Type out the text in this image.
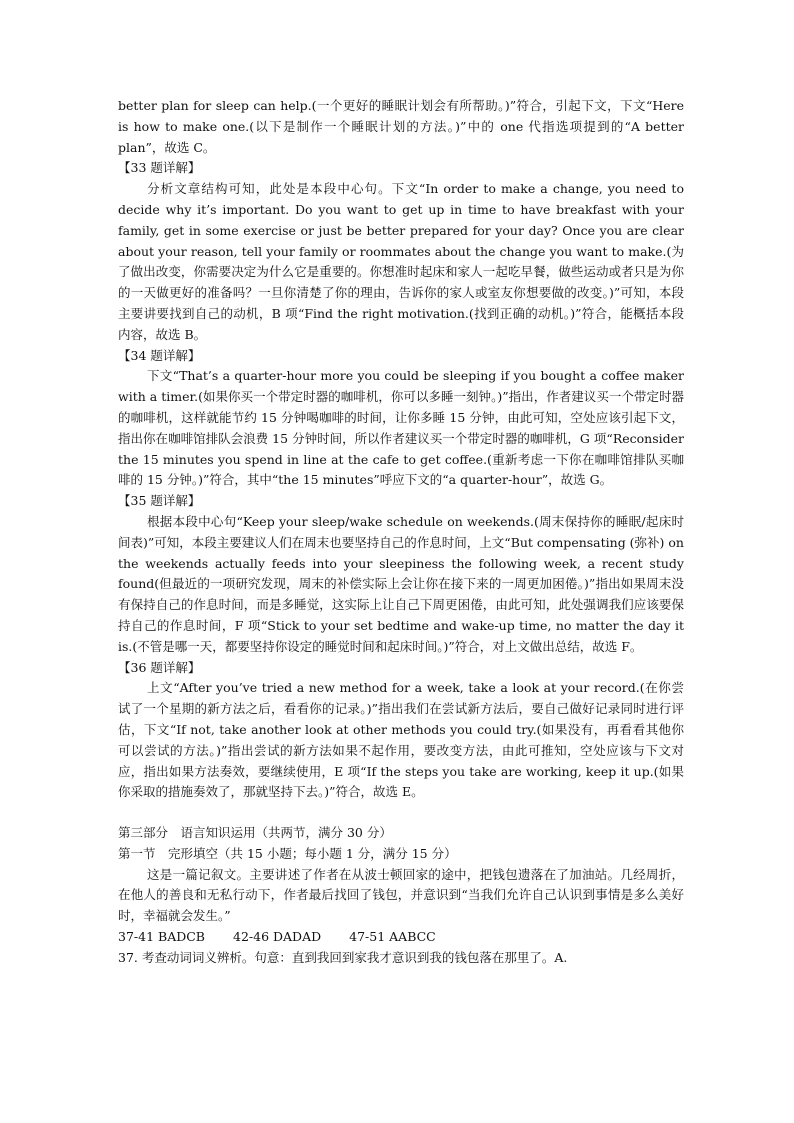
better plan for sleep can help.(一个更好的睡眠计划会有所帮助。)”符合，引起下文，下文“Here is how to make one.(以下是制作一个睡眠计划的方法。)”中的 one 代指选项提到的“A better plan”，故选 C。

【33 题详解】

分析文章结构可知，此处是本段中心句。下文“In order to make a change, you need to decide why it’s important. Do you want to get up in time to have breakfast with your family, get in some exercise or just be better prepared for your day? Once you are clear about your reason, tell your family or roommates about the change you want to make.(为了做出改变，你需要决定为什么它是重要的。你想准时起床和家人一起吃早餐，做些运动或者只是为你的一天做更好的准备吗？一旦你清楚了你的理由，告诉你的家人或室友你想要做的改变。)”可知，本段主要讲要找到自己的动机，B 项“Find the right motivation.(找到正确的动机。)”符合，能概括本段内容，故选 B。

【34 题详解】

下文“That’s a quarter-hour more you could be sleeping if you bought a coffee maker with a timer.(如果你买一个带定时器的咖啡机，你可以多睡一刻钟。)”指出，作者建议买一个带定时器的咖啡机，这样就能节约 15 分钟喝咖啡的时间，让你多睡 15 分钟，由此可知，空处应该引起下文，指出你在咖啡馆排队会浪费 15 分钟时间，所以作者建议买一个带定时器的咖啡机，G 项“Reconsider the 15 minutes you spend in line at the cafe to get coffee.(重新考虑一下你在咖啡馆排队买咖啡的 15 分钟。)”符合，其中“the 15 minutes”呼应下文的“a quarter-hour”，故选 G。

【35 题详解】

根据本段中心句“Keep your sleep/wake schedule on weekends.(周末保持你的睡眠/起床时间表)”可知，本段主要建议人们在周末也要坚持自己的作息时间，上文“But compensating (弥补) on the weekends actually feeds into your sleepiness the following week, a recent study found(但最近的一项研究发现，周末的补偿实际上会让你在接下来的一周更加困倦。)”指出如果周末没有保持自己的作息时间，而是多睡觉，这实际上让自己下周更困倦，由此可知，此处强调我们应该要保持自己的作息时间，F 项“Stick to your set bedtime and wake-up time, no matter the day it is.(不管是哪一天，都要坚持你设定的睡觉时间和起床时间。)”符合，对上文做出总结，故选 F。

【36 题详解】

上文“After you’ve tried a new method for a week, take a look at your record.(在你尝试了一个星期的新方法之后，看看你的记录。)”指出我们在尝试新方法后，要自己做好记录同时进行评估，下文“If not, take another look at other methods you could try.(如果没有，再看看其他你可以尝试的方法。)”指出尝试的新方法如果不起作用，要改变方法，由此可推知，空处应该与下文对应，指出如果方法奏效，要继续使用，E 项“If the steps you take are working, keep it up.(如果你采取的措施奏效了，那就坚持下去。)”符合，故选 E。

第三部分　语言知识运用（共两节，满分 30 分）

第一节　完形填空（共 15 小题；每小题 1 分，满分 15 分）

这是一篇记叙文。主要讲述了作者在从波士顿回家的途中，把钱包遗落在了加油站。几经周折，在他人的善良和无私行动下，作者最后找回了钱包，并意识到“当我们允许自己认识到事情是多么美好时，幸福就会发生。”

37-41 BADCB 42-46 DADAD 47-51 AABCC

37. 考查动词词义辨析。句意：直到我回到家我才意识到我的钱包落在那里了。A.
